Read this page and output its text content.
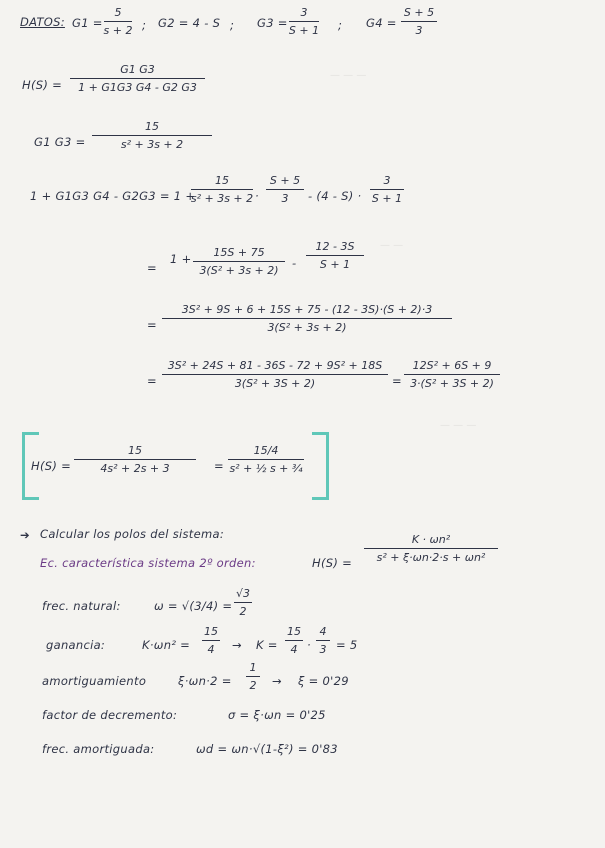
— — —
— —
— — —
DATOS: G1 =
5
s + 2 ; G2 = 4 - S ; G3 =
3
S + 1 ; G4 =
S + 5
3
H(S) =
G1 G3
1 + G1G3 G4 - G2 G3
G1 G3 =
15
s² + 3s + 2
1 + G1G3 G4 - G2G3 = 1 +
15
s² + 3s + 2 ·
S + 5
3 - (4 - S) ·
3
S + 1
=
1 + 15S + 75
3(S² + 3s + 2)
-
12 - 3S
S + 1
=
3S² + 9S + 6 + 15S + 75 - (12 - 3S)·(S + 2)·3
3(S² + 3s + 2)
=
3S² + 24S + 81 - 36S - 72 + 9S² + 18S
3(S² + 3S + 2)	=
12S² + 6S + 9
3·(S² + 3S + 2)
H(S) =
15
4s² + 2s + 3	=
15/4
s² + ½ s + ¾
➔ Calcular los polos del sistema:
Ec. característica sistema 2º orden:	H(S) =
K · ωn²
s² + ξ·ωn·2·s + ωn²
frec. natural:	ω = √(3/4) =
√3
2
ganancia:	K·ωn² =
15
4 → K =
15
4 ·
4
3 = 5
amortiguamiento	ξ·ωn·2 =
1
2 → ξ = 0'29
factor de decremento:	σ = ξ·ωn = 0'25
frec. amortiguada:	ωd = ωn·√(1-ξ²) = 0'83
